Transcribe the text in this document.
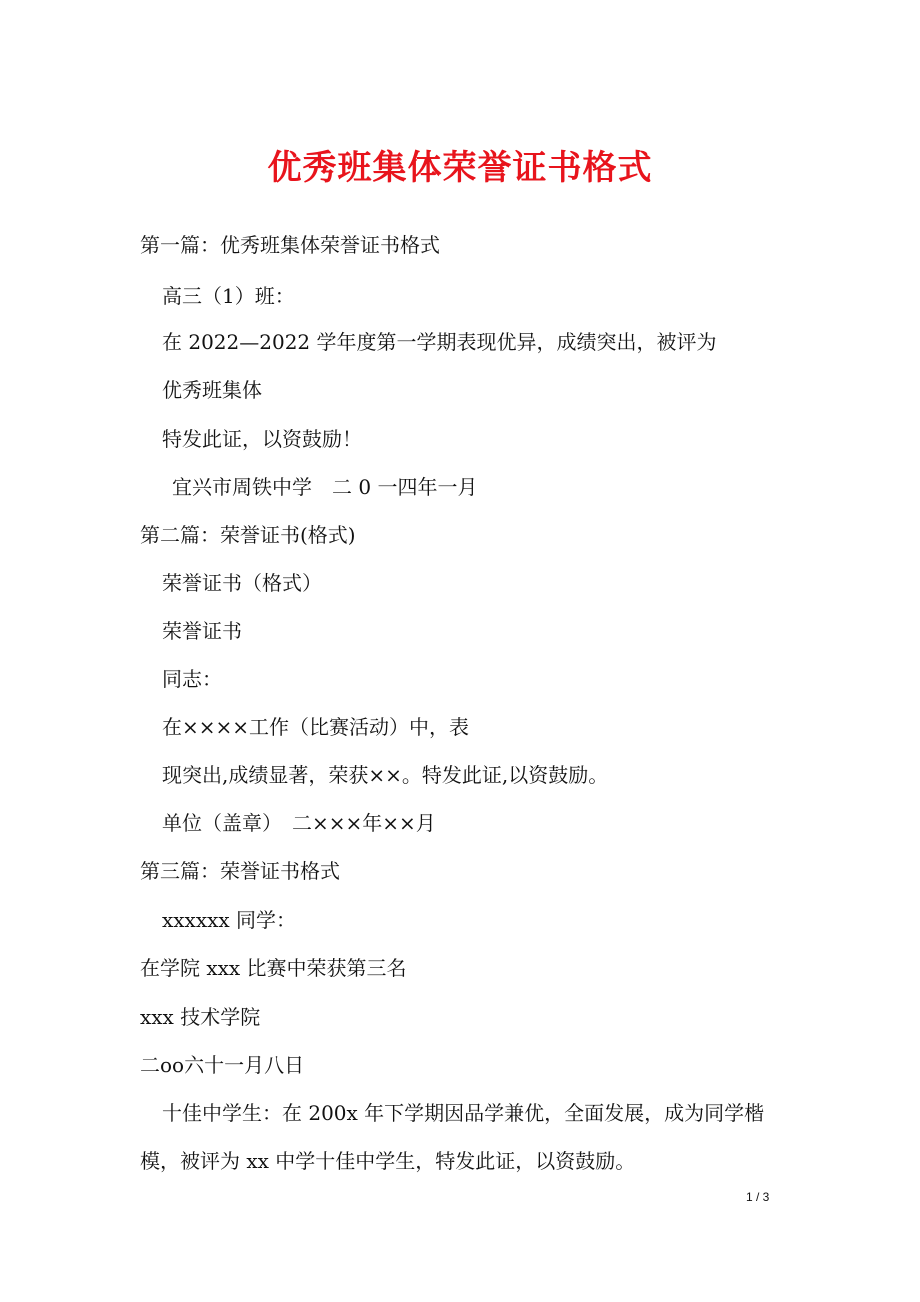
优秀班集体荣誉证书格式
第一篇：优秀班集体荣誉证书格式
高三（1）班：
在 2022—2022 学年度第一学期表现优异，成绩突出，被评为
优秀班集体
特发此证，以资鼓励！
宜兴市周铁中学　二 0 一四年一月
第二篇：荣誉证书(格式)
荣誉证书（格式）
荣誉证书
同志：
在××××工作（比赛活动）中，表
现突出,成绩显著，荣获××。特发此证,以资鼓励。
单位（盖章）　二×××年××月
第三篇：荣誉证书格式
xxxxxx 同学：
在学院 xxx 比赛中荣获第三名
xxx 技术学院
二oo六十一月八日
十佳中学生：在 200x 年下学期因品学兼优，全面发展，成为同学楷模，被评为 xx 中学十佳中学生，特发此证，以资鼓励。
1 / 3
